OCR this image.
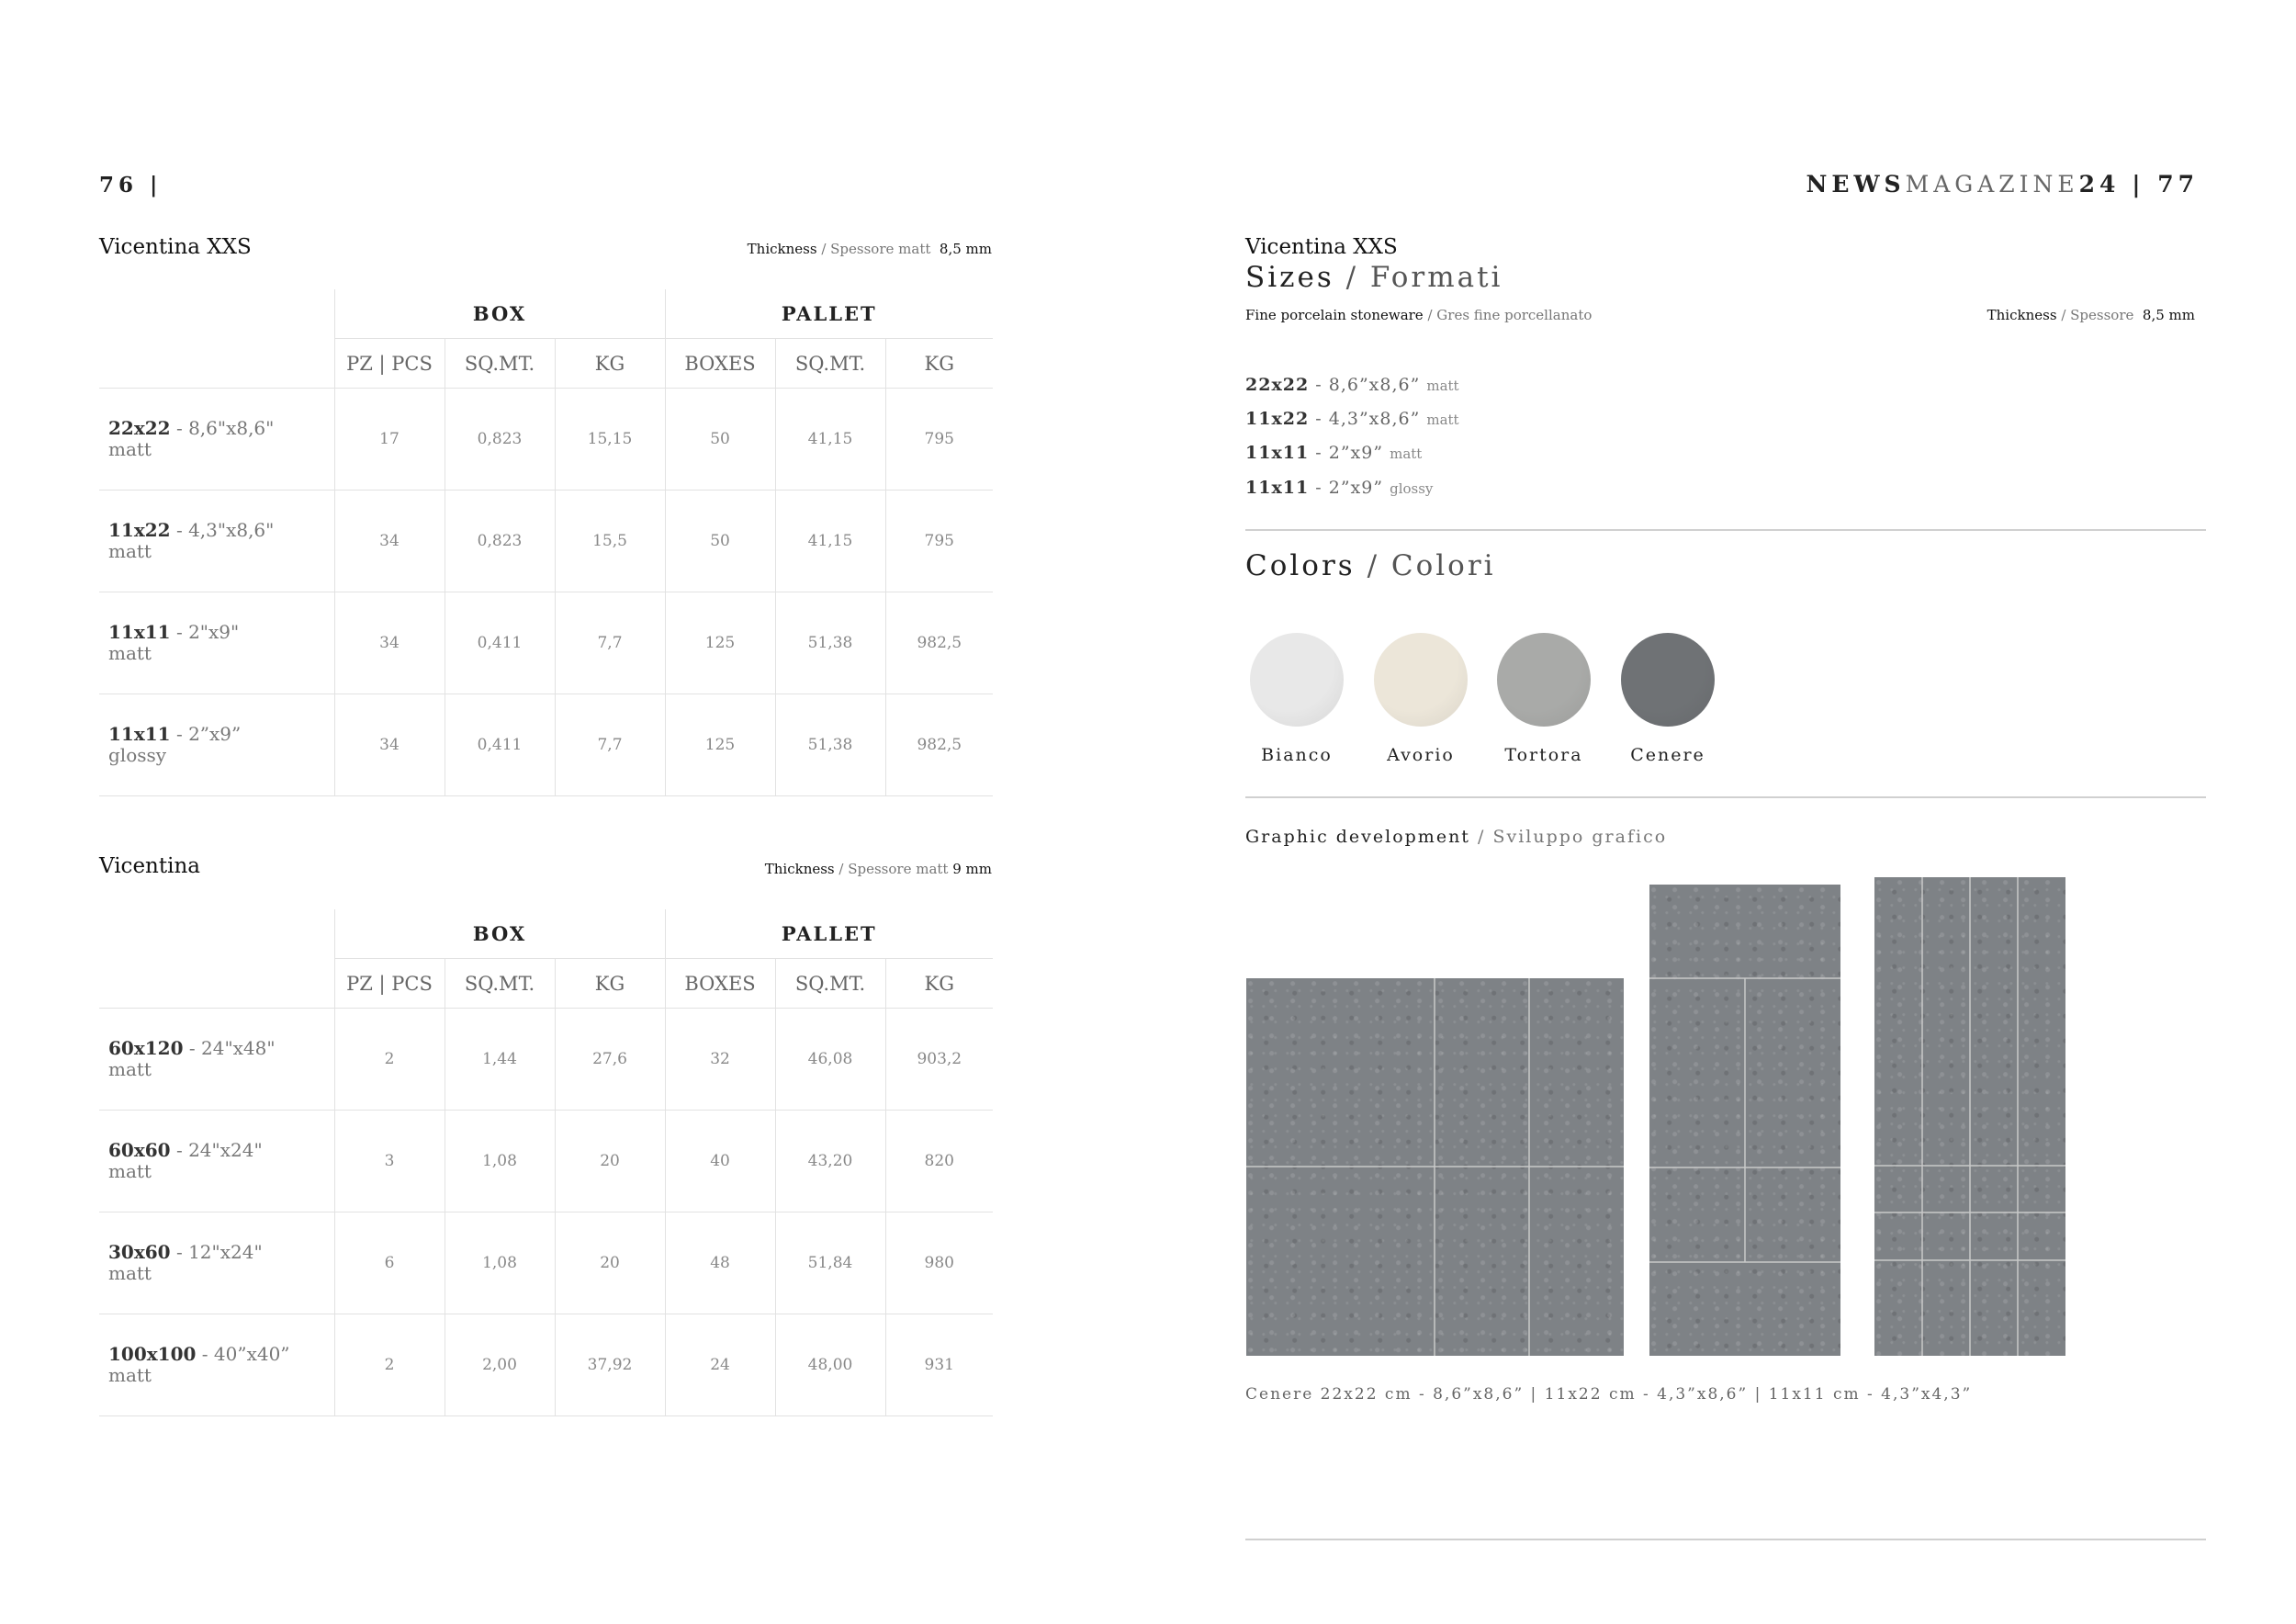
76 |
Vicentina XXS	Thickness / Spessore matt 8,5 mm
	BOX			PALLET		
	PZ | PCS	SQ.MT.	KG	BOXES	SQ.MT.	KG
22x22 - 8,6"x8,6"
matt	17	0,823	15,15	50	41,15	795
11x22 - 4,3"x8,6"
matt	34	0,823	15,5	50	41,15	795
11x11 - 2"x9"
matt	34	0,411	7,7	125	51,38	982,5
11x11 - 2”x9”
glossy	34	0,411	7,7	125	51,38	982,5
Vicentina	Thickness / Spessore matt 9 mm
	BOX			PALLET		
	PZ | PCS	SQ.MT.	KG	BOXES	SQ.MT.	KG
60x120 - 24"x48"
matt	2	1,44	27,6	32	46,08	903,2
60x60 - 24"x24"
matt	3	1,08	20	40	43,20	820
30x60 - 12"x24"
matt	6	1,08	20	48	51,84	980
100x100 - 40”x40”
matt	2	2,00	37,92	24	48,00	931
NEWSMAGAZINE24 | 77
Vicentina XXS
Sizes / Formati
Fine porcelain stoneware / Gres fine porcellanato	Thickness / Spessore 8,5 mm
22x22 - 8,6”x8,6” matt
11x22 - 4,3”x8,6” matt
11x11 - 2”x9” matt
11x11 - 2”x9” glossy
Colors / Colori
Bianco	Avorio	Tortora	Cenere
Graphic development / Sviluppo grafico
Cenere 22x22 cm - 8,6”x8,6” | 11x22 cm - 4,3”x8,6” | 11x11 cm - 4,3”x4,3”
